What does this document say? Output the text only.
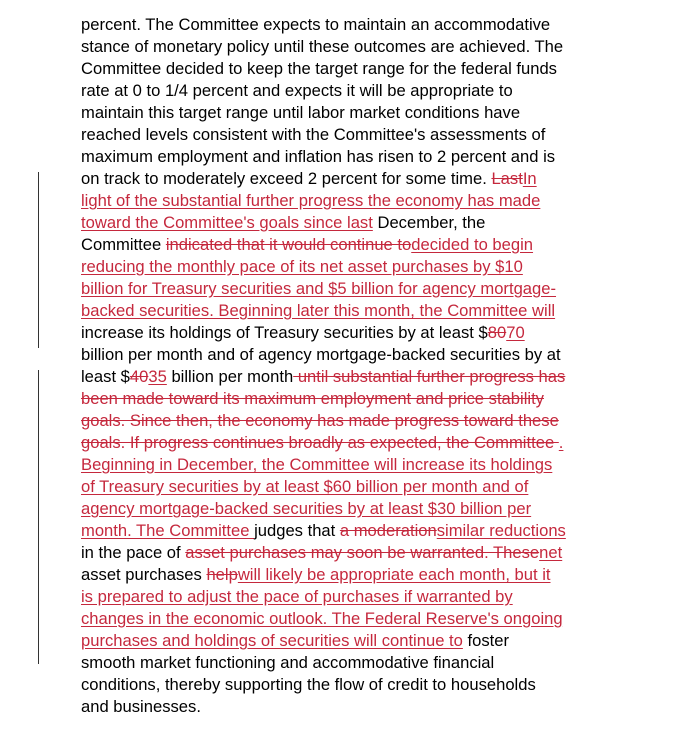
percent. The Committee expects to maintain an accommodative
stance of monetary policy until these outcomes are achieved. The
Committee decided to keep the target range for the federal funds
rate at 0 to 1/4 percent and expects it will be appropriate to
maintain this target range until labor market conditions have
reached levels consistent with the Committee's assessments of
maximum employment and inflation has risen to 2 percent and is
on track to moderately exceed 2 percent for some time. LastIn
light of the substantial further progress the economy has made
toward the Committee's goals since last December, the
Committee indicated that it would continue todecided to begin
reducing the monthly pace of its net asset purchases by $10
billion for Treasury securities and $5 billion for agency mortgage-
backed securities. Beginning later this month, the Committee will
increase its holdings of Treasury securities by at least $8070
billion per month and of agency mortgage-backed securities by at
least $4035 billion per month until substantial further progress has
been made toward its maximum employment and price stability
goals. Since then, the economy has made progress toward these
goals. If progress continues broadly as expected, the Committee .
Beginning in December, the Committee will increase its holdings
of Treasury securities by at least $60 billion per month and of
agency mortgage-backed securities by at least $30 billion per
month. The Committee judges that a moderationsimilar reductions
in the pace of asset purchases may soon be warranted. Thesenet
asset purchases helpwill likely be appropriate each month, but it
is prepared to adjust the pace of purchases if warranted by
changes in the economic outlook. The Federal Reserve's ongoing
purchases and holdings of securities will continue to foster
smooth market functioning and accommodative financial
conditions, thereby supporting the flow of credit to households
and businesses.
